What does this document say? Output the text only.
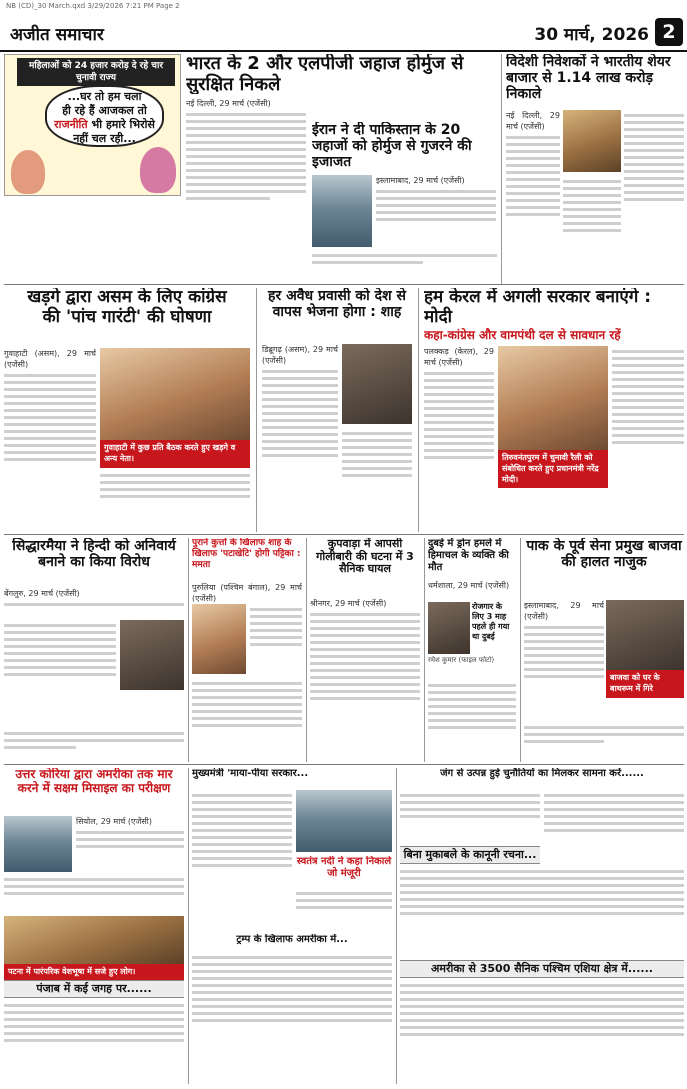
NB (CD)_30 March.qxd 3/29/2026 7:21 PM Page 2
अजीत समाचार	30 मार्च, 2026 2
महिलाओं को 24 हजार करोड़ दे रहे चार चुनावी राज्य
...घर तो हम चला
ही रहे हैं आजकल तो
राजनीति भी हमारे भिरोसे
नहीं चल रही...
भारत के 2 और एलपीजी जहाज होर्मुज से सुरक्षित निकले
नई दिल्ली, 29 मार्च (एजेंसी)
ईरान ने दी पाकिस्तान के 20 जहाजों को होर्मुज से गुजरने की इजाजत
इस्लामाबाद, 29 मार्च (एजेंसी)
विदेशी निवेशकों ने भारतीय शेयर बाजार से 1.14 लाख करोड़ निकाले
नई दिल्ली, 29 मार्च (एजेंसी)
खड़गे द्वारा असम के लिए कांग्रेस
की 'पांच गारंटी' की घोषणा
गुवाहाटी (असम), 29 मार्च (एजेंसी)
गुवाहाटी में कुछ प्रति बैठक करते हुए खड़गे व अन्य नेता।
हर अवैध प्रवासी को देश से वापस भेजना होगा : शाह
डिब्रूगढ़ (असम), 29 मार्च (एजेंसी)
हम केरल में अगली सरकार बनाएंगे : मोदी
कहा-कांग्रेस और वामपंथी दल से सावधान रहें
पलक्कड़ (केरल), 29 मार्च (एजेंसी)
तिरुवनंतपुरम में चुनावी रैली को संबोधित करते हुए प्रधानमंत्री नरेंद्र मोदी।
सिद्धारमैया ने हिन्दी को अनिवार्य बनाने का किया विरोध
बेंगलुरु, 29 मार्च (एजेंसी)
पुराने कुत्तों के खिलाफ शाह के खिलाफ 'पटाखेटि' होगी पट्टिका : ममता
पुरुलिया (पश्चिम बंगाल), 29 मार्च (एजेंसी)
कुपवाड़ा में आपसी गोलीबारी की घटना में 3 सैनिक घायल
श्रीनगर, 29 मार्च (एजेंसी)
दुबई में ड्रोन हमले में हिमाचल के व्यक्ति की मौत
धर्मशाला, 29 मार्च (एजेंसी)
रोजगार के लिए 3 माह पहले ही गया था दुबई
रमेश कुमार (फाइल फोटो)
पाक के पूर्व सेना प्रमुख बाजवा की हालत नाजुक
इस्लामाबाद, 29 मार्च (एजेंसी)
बाजवा को घर के बाथरूम में गिरे
उत्तर कोरिया द्वारा अमरीका तक मार करने में सक्षम मिसाइल का परीक्षण
सियोल, 29 मार्च (एजेंसी)
पटना में पारंपरिक वेशभूषा में सजे हुए लोग।
पंजाब में कई जगह पर......
मुख्यमंत्री 'माया-पीया सरकार...
स्वतंत्र नदी ने कहा निकाले जो मंजूरी
ट्रम्प के खिलाफ अमरीका में...
जंग से उत्पन्न हुई चुनौतियों का मिलकर सामना करें......
बिना मुकाबले के कानूनी रचना...
अमरीका से 3500 सैनिक पश्चिम एशिया क्षेत्र में......
